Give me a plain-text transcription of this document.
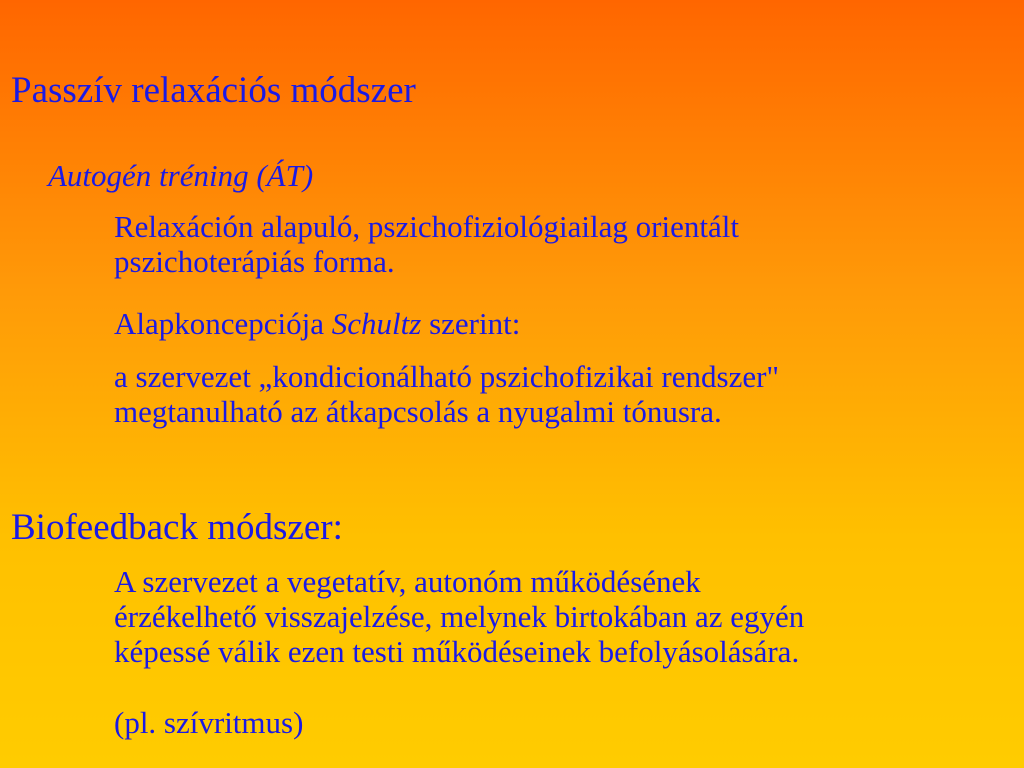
Passzív relaxációs módszer
Autogén tréning (ÁT)
Relaxáción alapuló, pszichofiziológiailag orientált
pszichoterápiás forma.
Alapkoncepciója Schultz szerint:
a szervezet „kondicionálható pszichofizikai rendszer"
megtanulható az átkapcsolás a nyugalmi tónusra.
Biofeedback módszer:
A szervezet a vegetatív, autonóm működésének
érzékelhető visszajelzése, melynek birtokában az egyén
képessé válik ezen testi működéseinek befolyásolására.
(pl. szívritmus)
